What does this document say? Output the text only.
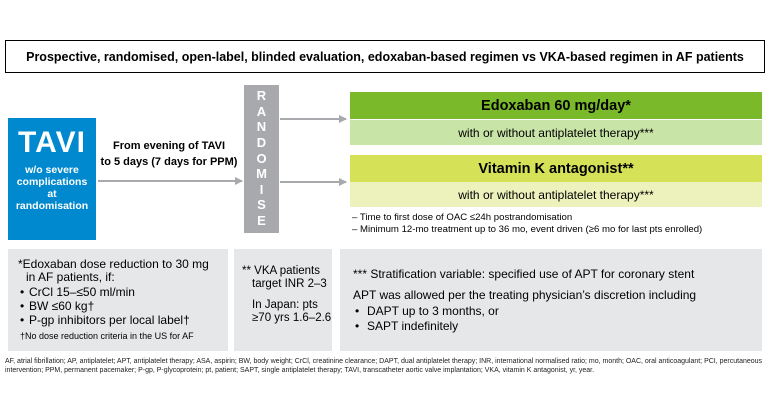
Prospective, randomised, open-label, blinded evaluation, edoxaban-based regimen vs VKA-based regimen in AF patients
TAVI
w/o severe complications at randomisation
From evening of TAVI
to 5 days (7 days for PPM)
R
A
N
D
O
M
I
S
E
Edoxaban 60 mg/day*
with or without antiplatelet therapy***
Vitamin K antagonist**
with or without antiplatelet therapy***
– Time to first dose of OAC ≤24h postrandomisation
– Minimum 12-mo treatment up to 36 mo, event driven (≥6 mo for last pts enrolled)
*Edoxaban dose reduction to 30 mg
in AF patients, if:
• CrCl 15–≤50 ml/min
• BW ≤60 kg†
• P-gp inhibitors per local label†
†No dose reduction criteria in the US for AF
** VKA patients
target INR 2–3
In Japan: pts
≥70 yrs 1.6–2.6
*** Stratification variable: specified use of APT for coronary stent
APT was allowed per the treating physician’s discretion including
• DAPT up to 3 months, or
• SAPT indefinitely
AF, atrial fibrillation; AP, antiplatelet; APT, antiplatelet therapy; ASA, aspirin; BW, body weight; CrCl, creatinine clearance; DAPT, dual antiplatelet therapy; INR, international normalised ratio; mo, month; OAC, oral anticoagulant; PCI, percutaneous intervention; PPM, permanent pacemaker; P-gp, P-glycoprotein; pt, patient; SAPT, single antiplatelet therapy; TAVI, transcatheter aortic valve implantation; VKA, vitamin K antagonist, yr, year.
